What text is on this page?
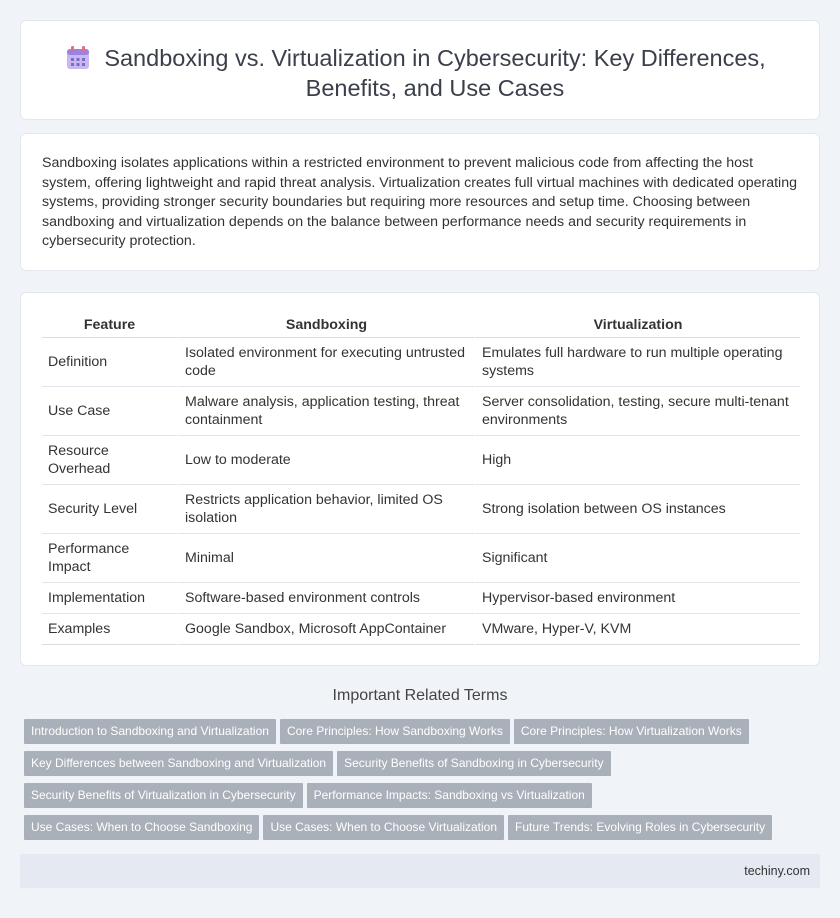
Sandboxing vs. Virtualization in Cybersecurity: Key Differences, Benefits, and Use Cases

Sandboxing isolates applications within a restricted environment to prevent malicious code from affecting the host system, offering lightweight and rapid threat analysis. Virtualization creates full virtual machines with dedicated operating systems, providing stronger security boundaries but requiring more resources and setup time. Choosing between sandboxing and virtualization depends on the balance between performance needs and security requirements in cybersecurity protection.

Feature	Sandboxing	Virtualization
Definition	Isolated environment for executing untrusted code	Emulates full hardware to run multiple operating systems
Use Case	Malware analysis, application testing, threat containment	Server consolidation, testing, secure multi-tenant environments
Resource Overhead	Low to moderate	High
Security Level	Restricts application behavior, limited OS isolation	Strong isolation between OS instances
Performance Impact	Minimal	Significant
Implementation	Software-based environment controls	Hypervisor-based environment
Examples	Google Sandbox, Microsoft AppContainer	VMware, Hyper-V, KVM
Important Related Terms
Introduction to Sandboxing and Virtualization Core Principles: How Sandboxing Works Core Principles: How Virtualization Works
Key Differences between Sandboxing and Virtualization Security Benefits of Sandboxing in Cybersecurity
Security Benefits of Virtualization in Cybersecurity Performance Impacts: Sandboxing vs Virtualization
Use Cases: When to Choose Sandboxing Use Cases: When to Choose Virtualization Future Trends: Evolving Roles in Cybersecurity
techiny.com
